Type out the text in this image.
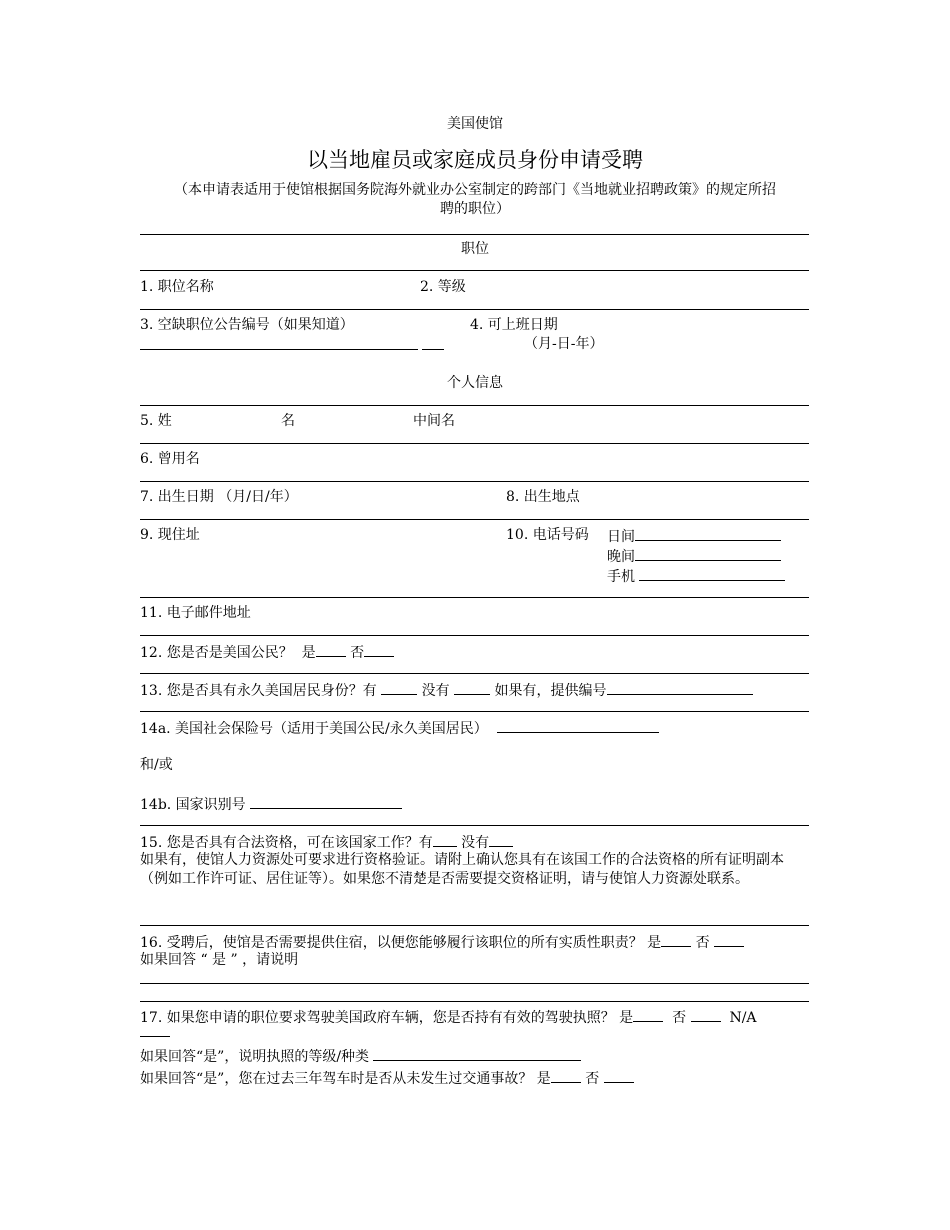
美国使馆
以当地雇员或家庭成员身份申请受聘
（本申请表适用于使馆根据国务院海外就业办公室制定的跨部门《当地就业招聘政策》的规定所招
聘的职位）
职位
1. 职位名称	2. 等级
3. 空缺职位公告编号（如果知道）	4. 可上班日期

（月-日-年）
个人信息
5. 姓	名	中间名
6. 曾用名
7. 出生日期 （月/日/年）	8. 出生地点
9. 现住址	10. 电话号码 日间
晚间
手机
11. 电子邮件地址
12. 您是否是美国公民？ 是 否
13. 您是否具有永久美国居民身份？有	没有	如果有，提供编号
14a. 美国社会保险号（适用于美国公民/永久美国居民）
和/或
14b. 国家识别号
15. 您是否具有合法资格，可在该国家工作？有 没有
如果有，使馆人力资源处可要求进行资格验证。请附上确认您具有在该国工作的合法资格的所有证明副本（例如工作许可证、居住证等）。如果您不清楚是否需要提交资格证明，请与使馆人力资源处联系。
16. 受聘后，使馆是否需要提供住宿，以便您能够履行该职位的所有实质性职责？ 是 否
如果回答 “ 是 ” ，请说明
17. 如果您申请的职位要求驾驶美国政府车辆，您是否持有有效的驾驶执照？ 是	否	N/A
如果回答“是”，说明执照的等级/种类
如果回答“是”，您在过去三年驾车时是否从未发生过交通事故？ 是 否
